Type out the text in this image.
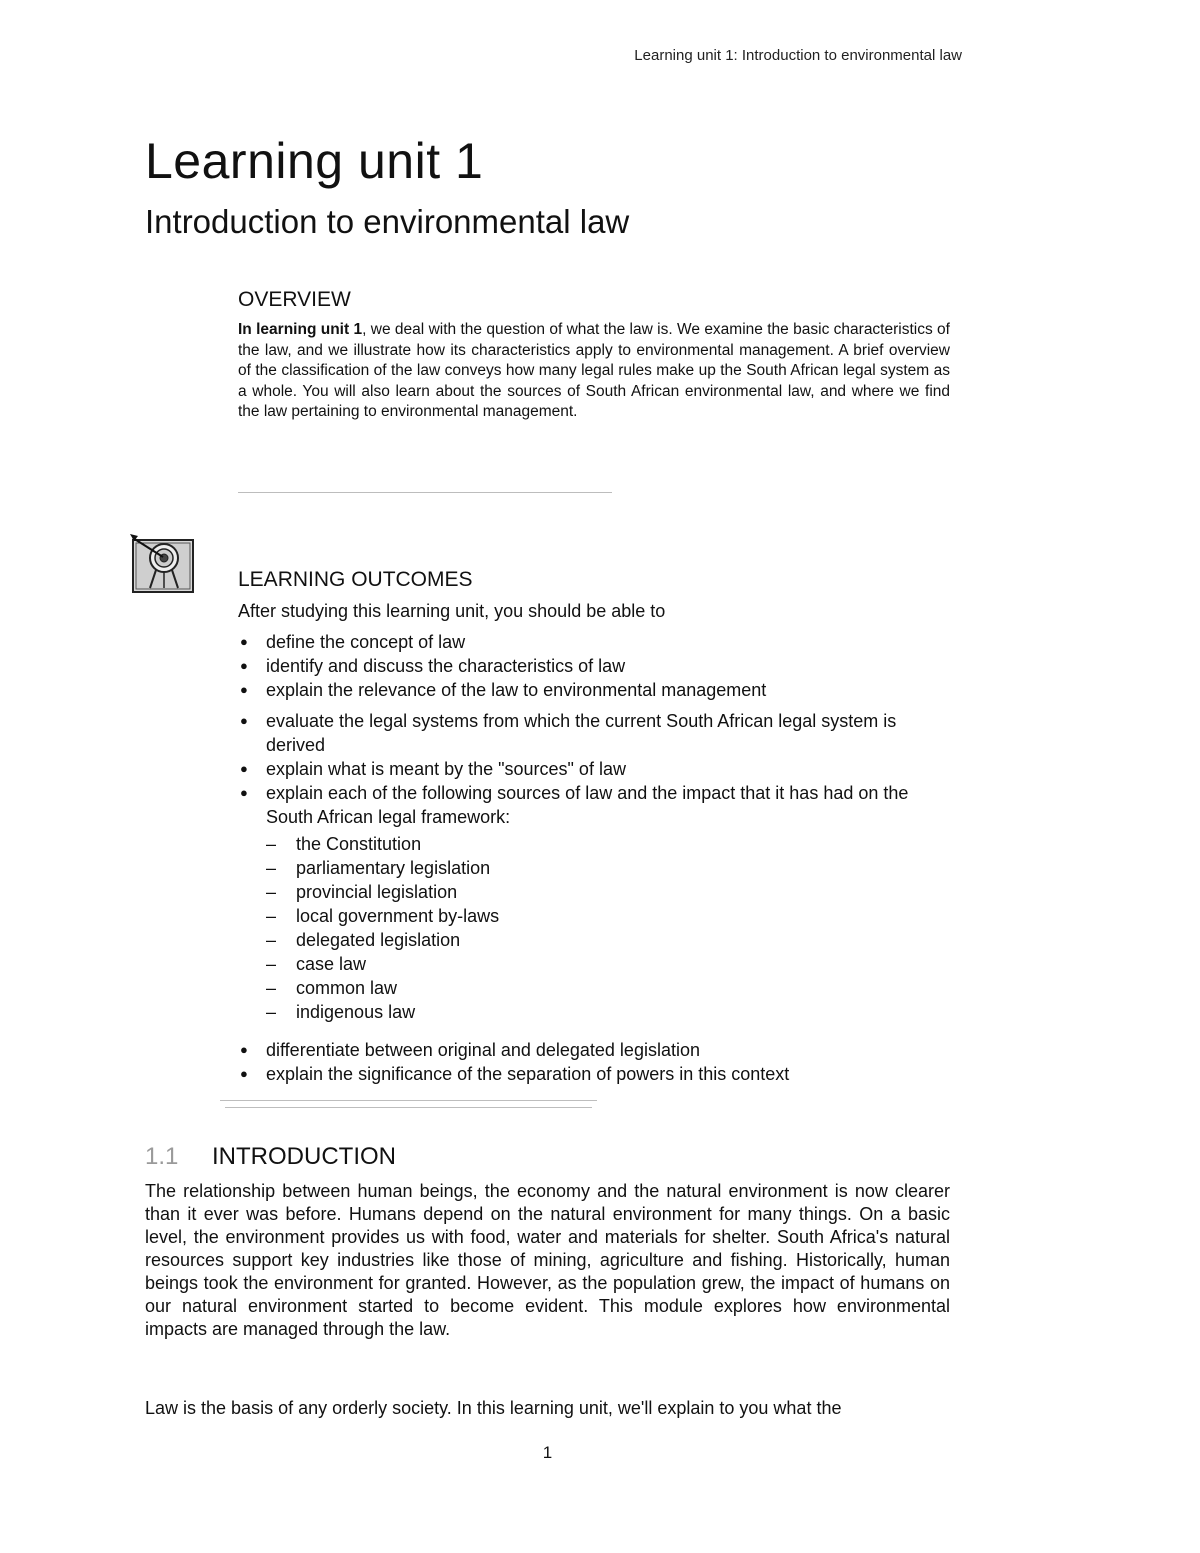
Learning unit 1: Introduction to environmental law
Learning unit 1
Introduction to environmental law
OVERVIEW

In learning unit 1, we deal with the question of what the law is. We examine the basic characteristics of the law, and we illustrate how its characteristics apply to environmental management. A brief overview of the classification of the law conveys how many legal rules make up the South African legal system as a whole. You will also learn about the sources of South African environmental law, and where we find the law pertaining to environmental management.

LEARNING OUTCOMES

After studying this learning unit, you should be able to

● define the concept of law
● identify and discuss the characteristics of law
● explain the relevance of the law to environmental management
● evaluate the legal systems from which the current South African legal system is derived
● explain what is meant by the "sources" of law
● explain each of the following sources of law and the impact that it has had on the South African legal framework:
– the Constitution
– parliamentary legislation
– provincial legislation
– local government by-laws
– delegated legislation
– case law
– common law
– indigenous law
● differentiate between original and delegated legislation
● explain the significance of the separation of powers in this context
1.1 INTRODUCTION

The relationship between human beings, the economy and the natural environment is now clearer than it ever was before. Humans depend on the natural environment for many things. On a basic level, the environment provides us with food, water and materials for shelter. South Africa's natural resources support key industries like those of mining, agriculture and fishing. Historically, human beings took the environment for granted. However, as the population grew, the impact of humans on our natural environment started to become evident. This module explores how environmental impacts are managed through the law.

Law is the basis of any orderly society. In this learning unit, we'll explain to you what the

1
